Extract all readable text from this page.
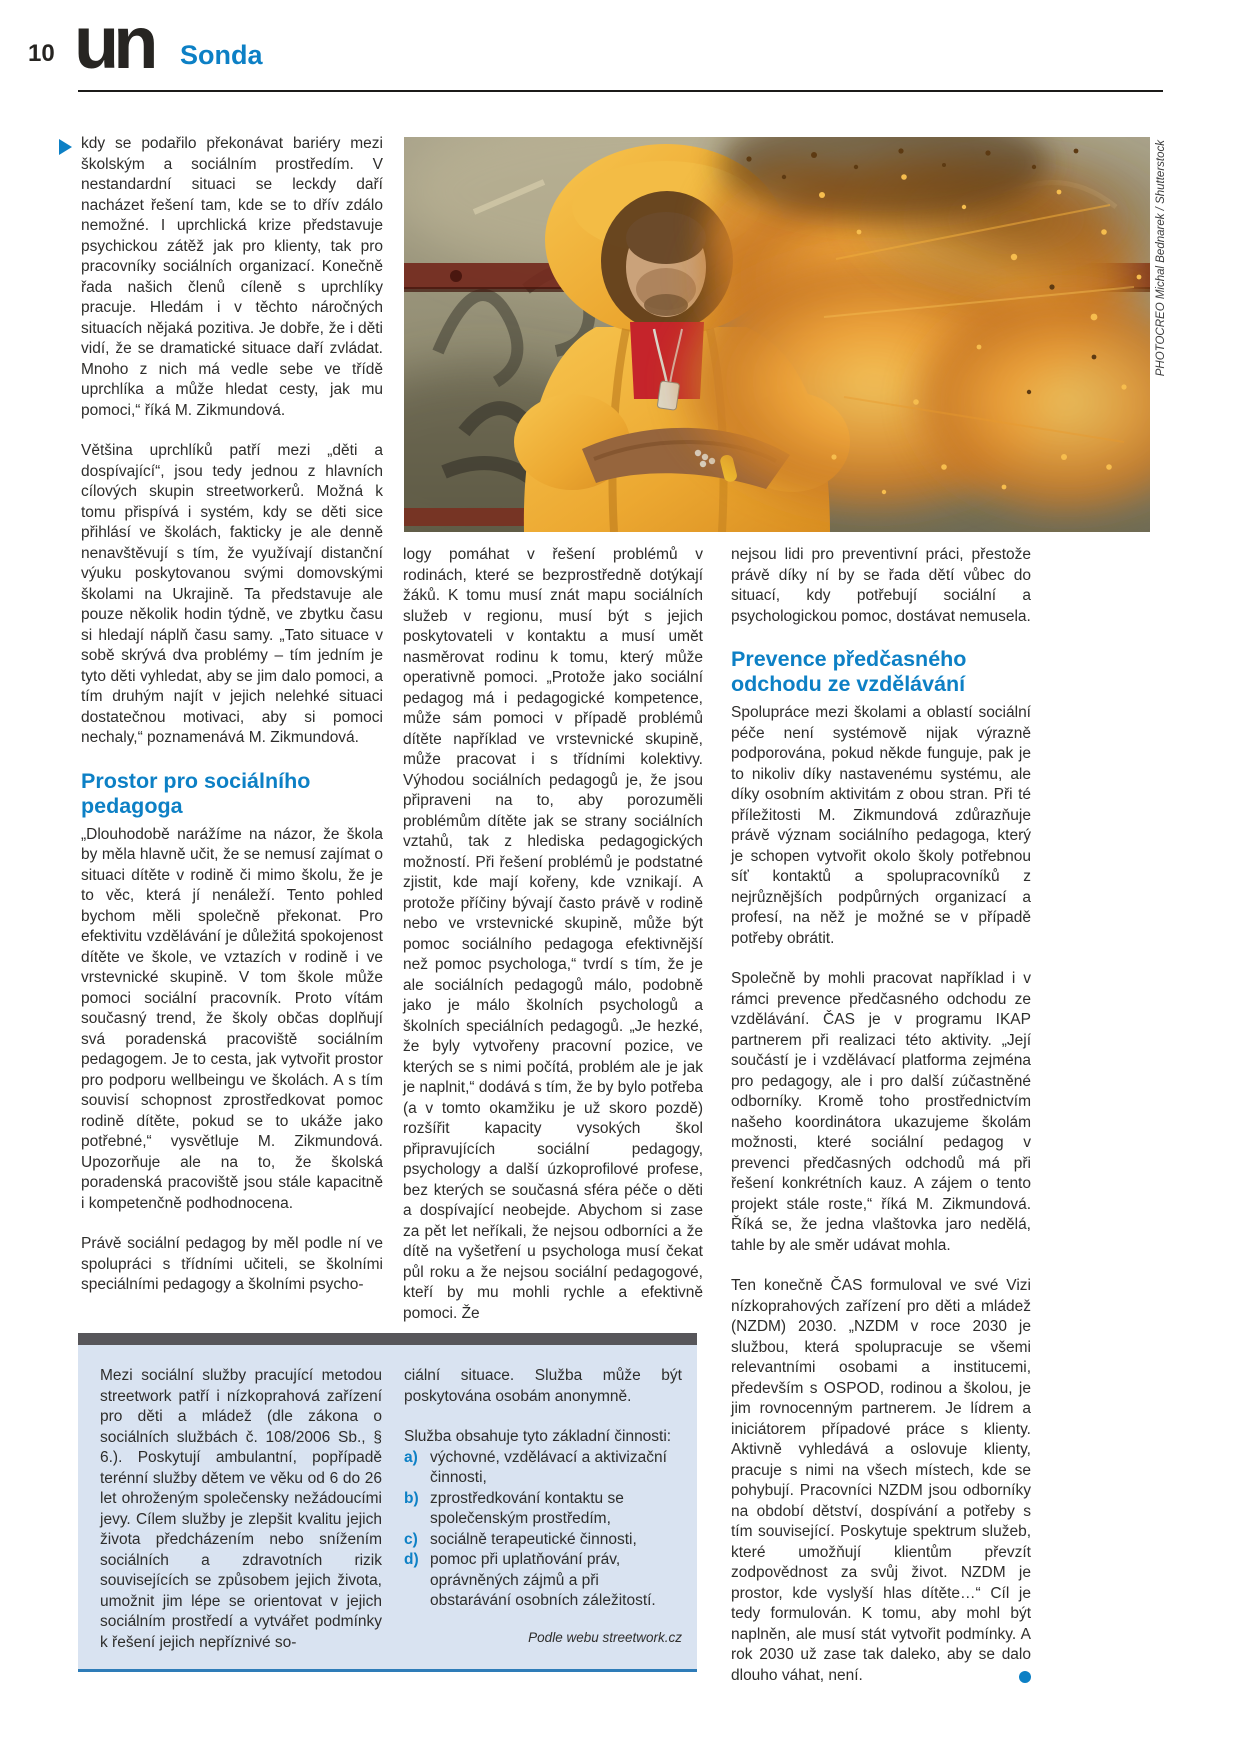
10 un Sonda
PHOTOCREO Michal Bednarek / Shutterstock

kdy se podařilo překonávat bariéry mezi školským a sociálním prostředím. V nestandardní situaci se leckdy daří nacházet řešení tam, kde se to dřív zdálo nemožné. I uprchlická krize představuje psychickou zátěž jak pro klienty, tak pro pracovníky sociálních organizací. Konečně řada našich členů cíleně s uprchlíky pracuje. Hledám i v těchto náročných situacích nějaká pozitiva. Je dobře, že i děti vidí, že se dramatické situace daří zvládat. Mnoho z nich má vedle sebe ve třídě uprchlíka a může hledat cesty, jak mu pomoci,“ říká M. Zikmundová.

Většina uprchlíků patří mezi „děti a dospívající“, jsou tedy jednou z hlavních cílových skupin streetworkerů. Možná k tomu přispívá i systém, kdy se děti sice přihlásí ve školách, fakticky je ale denně nenavštěvují s tím, že využívají distanční výuku poskytovanou svými domovskými školami na Ukrajině. Ta představuje ale pouze několik hodin týdně, ve zbytku času si hledají náplň času samy. „Tato situace v sobě skrývá dva problémy – tím jedním je tyto děti vyhledat, aby se jim dalo pomoci, a tím druhým najít v jejich nelehké situaci dostatečnou motivaci, aby si pomoci nechaly,“ poznamenává M. Zikmundová.

Prostor pro sociálního pedagoga

„Dlouhodobě narážíme na názor, že škola by měla hlavně učit, že se nemusí zajímat o situaci dítěte v rodině či mimo školu, že je to věc, která jí nenáleží. Tento pohled bychom měli společně překonat. Pro efektivitu vzdělávání je důležitá spokojenost dítěte ve škole, ve vztazích v rodině i ve vrstevnické skupině. V tom škole může pomoci sociální pracovník. Proto vítám současný trend, že školy občas doplňují svá poradenská pracoviště sociálním pedagogem. Je to cesta, jak vytvořit prostor pro podporu wellbeingu ve školách. A s tím souvisí schopnost zprostředkovat pomoc rodině dítěte, pokud se to ukáže jako potřebné,“ vysvětluje M. Zikmundová. Upozorňuje ale na to, že školská poradenská pracoviště jsou stále kapacitně i kompetenčně podhodnocena.

Právě sociální pedagog by měl podle ní ve spolupráci s třídními učiteli, se školními speciálními pedagogy a školními psycho-

logy pomáhat v řešení problémů v rodinách, které se bezprostředně dotýkají žáků. K tomu musí znát mapu sociálních služeb v regionu, musí být s jejich poskytovateli v kontaktu a musí umět nasměrovat rodinu k tomu, který může operativně pomoci. „Protože jako sociální pedagog má i pedagogické kompetence, může sám pomoci v případě problémů dítěte například ve vrstevnické skupině, může pracovat i s třídními kolektivy. Výhodou sociálních pedagogů je, že jsou připraveni na to, aby porozuměli problémům dítěte jak se strany sociálních vztahů, tak z hlediska pedagogických možností. Při řešení problémů je podstatné zjistit, kde mají kořeny, kde vznikají. A protože příčiny bývají často právě v rodině nebo ve vrstevnické skupině, může být pomoc sociálního pedagoga efektivnější než pomoc psychologa,“ tvrdí s tím, že je ale sociálních pedagogů málo, podobně jako je málo školních psychologů a školních speciálních pedagogů. „Je hezké, že byly vytvořeny pracovní pozice, ve kterých se s nimi počítá, problém ale je jak je naplnit,“ dodává s tím, že by bylo potřeba (a v tomto okamžiku je už skoro pozdě) rozšířit kapacity vysokých škol připravujících sociální pedagogy, psychology a další úzkoprofilové profese, bez kterých se současná sféra péče o děti a dospívající neobejde. Abychom si zase za pět let neříkali, že nejsou odborníci a že dítě na vyšetření u psychologa musí čekat půl roku a že nejsou sociální pedagogové, kteří by mu mohli rychle a efektivně pomoci. Že

nejsou lidi pro preventivní práci, přestože právě díky ní by se řada dětí vůbec do situací, kdy potřebují sociální a psychologickou pomoc, dostávat nemusela.

Prevence předčasného odchodu ze vzdělávání

Spolupráce mezi školami a oblastí sociální péče není systémově nijak výrazně podporována, pokud někde funguje, pak je to nikoliv díky nastavenému systému, ale díky osobním aktivitám z obou stran. Při té příležitosti M. Zikmundová zdůrazňuje právě význam sociálního pedagoga, který je schopen vytvořit okolo školy potřebnou síť kontaktů a spolupracovníků z nejrůznějších podpůrných organizací a profesí, na něž je možné se v případě potřeby obrátit.

Společně by mohli pracovat například i v rámci prevence předčasného odchodu ze vzdělávání. ČAS je v programu IKAP partnerem při realizaci této aktivity. „Její součástí je i vzdělávací platforma zejména pro pedagogy, ale i pro další zúčastněné odborníky. Kromě toho prostřednictvím našeho koordinátora ukazujeme školám možnosti, které sociální pedagog v prevenci předčasných odchodů má při řešení konkrétních kauz. A zájem o tento projekt stále roste,“ říká M. Zikmundová. Říká se, že jedna vlaštovka jaro nedělá, tahle by ale směr udávat mohla.

Ten konečně ČAS formuloval ve své Vizi nízkoprahových zařízení pro děti a mládež (NZDM) 2030. „NZDM v roce 2030 je službou, která spolupracuje se všemi relevantními osobami a institucemi, především s OSPOD, rodinou a školou, je jim rovnocenným partnerem. Je lídrem a iniciátorem případové práce s klienty. Aktivně vyhledává a oslovuje klienty, pracuje s nimi na všech místech, kde se pohybují. Pracovníci NZDM jsou odborníky na období dětství, dospívání a potřeby s tím související. Poskytuje spektrum služeb, které umožňují klientům převzít zodpovědnost za svůj život. NZDM je prostor, kde vyslyší hlas dítěte…“ Cíl je tedy formulován. K tomu, aby mohl být naplněn, ale musí stát vytvořit podmínky. A rok 2030 už zase tak daleko, aby se dalo dlouho váhat, není.

Mezi sociální služby pracující metodou streetwork patří i nízkoprahová zařízení pro děti a mládež (dle zákona o sociálních službách č. 108/2006 Sb., § 6.). Poskytují ambulantní, popřípadě terénní služby dětem ve věku od 6 do 26 let ohroženým společensky nežádoucími jevy. Cílem služby je zlepšit kvalitu jejich života předcházením nebo snížením sociálních a zdravotních rizik souvisejících se způsobem jejich života, umožnit jim lépe se orientovat v jejich sociálním prostředí a vytvářet podmínky k řešení jejich nepříznivé so-

ciální situace. Služba může být poskytována osobám anonymně.

Služba obsahuje tyto základní činnosti:

a) výchovné, vzdělávací a aktivizační činnosti,
b) zprostředkování kontaktu se společenským prostředím,
c) sociálně terapeutické činnosti,
d) pomoc při uplatňování práv, oprávněných zájmů a při obstarávání osobních záležitostí.
Podle webu streetwork.cz
